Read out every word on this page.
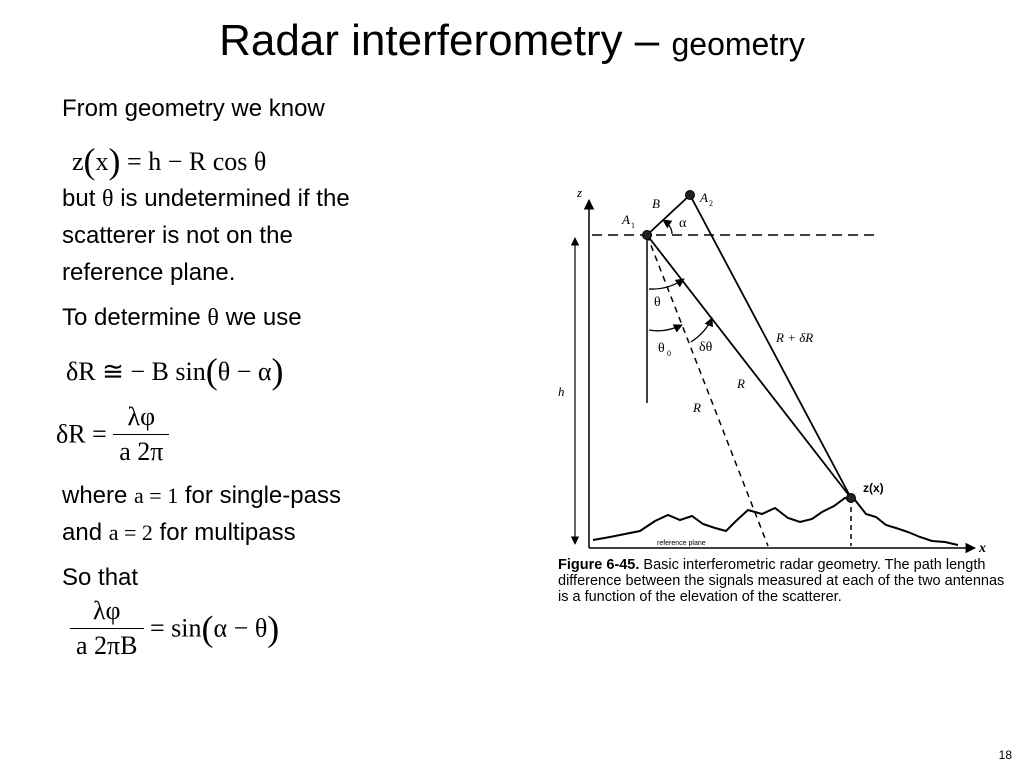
Radar interferometry – geometry
From geometry we know
z(x) = h − R cos θ
but θ is undetermined if the
scatterer is not on the
reference plane.
To determine θ we use
δR ≅ − B sin(θ − α)
$\delta R = \frac{\lambda\varphi}{a 2\pi}$
where a = 1 for single-pass
and a = 2 for multipass
So that
$\frac{\lambda\varphi}{a 2\pi B} = \sin(\alpha - \theta)$
z
x
B
A 1
A 2
h
R + δR
R
R
z(x)
α
θ
θ 0 δθ
reference plane
Figure 6-45. Basic interferometric radar geometry. The path length difference between the signals measured at each of the two antennas is a function of the elevation of the scatterer.
18
